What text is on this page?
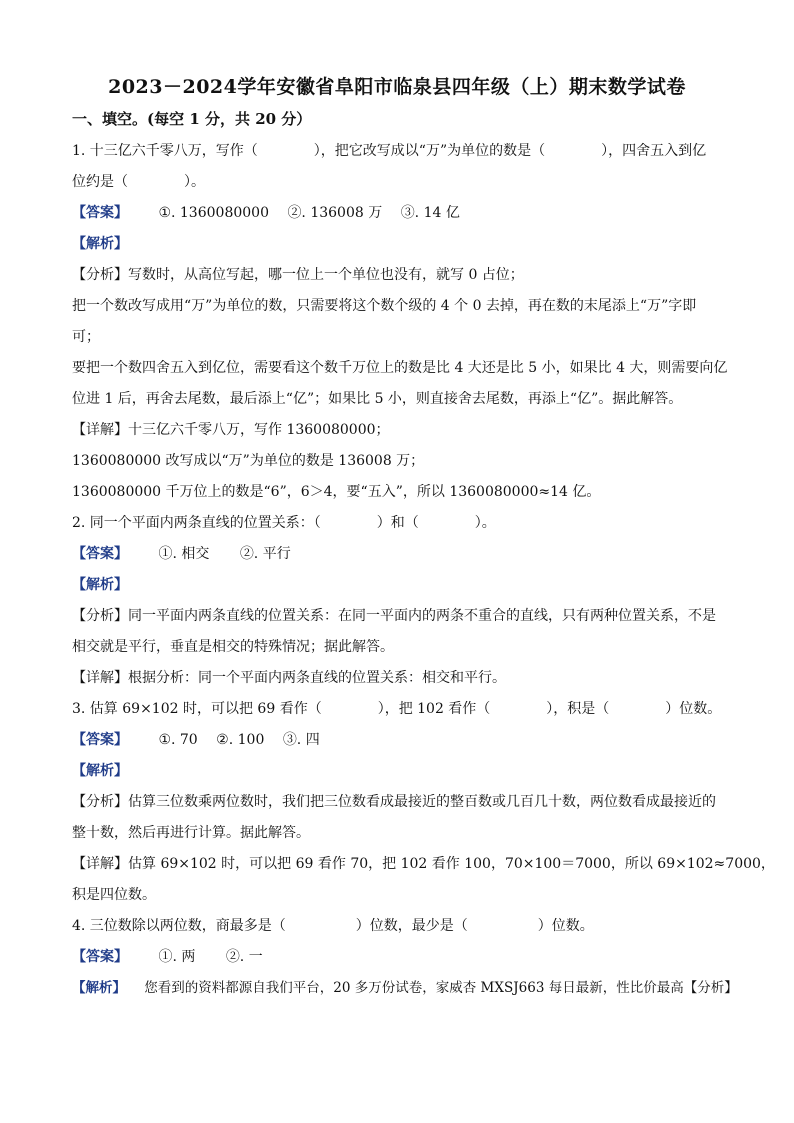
2023－2024学年安徽省阜阳市临泉县四年级（上）期末数学试卷
一、填空。(每空 1 分，共 20 分）
1. 十三亿六千零八万，写作（　　　　），把它改写成以“万”为单位的数是（　　　　），四舍五入到亿
位约是（　　　　）。
【答案】 ①. 1360080000 ②. 136008 万 ③. 14 亿
【解析】
【分析】写数时，从高位写起，哪一位上一个单位也没有，就写 0 占位；
把一个数改写成用“万”为单位的数，只需要将这个数个级的 4 个 0 去掉，再在数的末尾添上“万”字即
可；
要把一个数四舍五入到亿位，需要看这个数千万位上的数是比 4 大还是比 5 小，如果比 4 大，则需要向亿
位进 1 后，再舍去尾数，最后添上“亿”；如果比 5 小，则直接舍去尾数，再添上“亿”。据此解答。
【详解】十三亿六千零八万，写作 1360080000；
1360080000 改写成以“万”为单位的数是 136008 万；
1360080000 千万位上的数是“6”，6＞4，要“五入”，所以 1360080000≈14 亿。
2. 同一个平面内两条直线的位置关系：（　　　　）和（　　　　）。
【答案】 ①. 相交 ②. 平行
【解析】
【分析】同一平面内两条直线的位置关系：在同一平面内的两条不重合的直线，只有两种位置关系，不是
相交就是平行，垂直是相交的特殊情况；据此解答。
【详解】根据分析：同一个平面内两条直线的位置关系：相交和平行。
3. 估算 69×102 时，可以把 69 看作（　　　　），把 102 看作（　　　　），积是（　　　　）位数。
【答案】 ①. 70 ②. 100 ③. 四
【解析】
【分析】估算三位数乘两位数时，我们把三位数看成最接近的整百数或几百几十数，两位数看成最接近的
整十数，然后再进行计算。据此解答。
【详解】估算 69×102 时，可以把 69 看作 70，把 102 看作 100，70×100＝7000，所以 69×102≈7000，
积是四位数。
4. 三位数除以两位数，商最多是（　　　　　）位数，最少是（　　　　　）位数。
【答案】 ①. 两 ②. 一
【解析】 您看到的资料都源自我们平台，20 多万份试卷，家威杏 MXSJ663 每日最新，性比价最高【分析】
